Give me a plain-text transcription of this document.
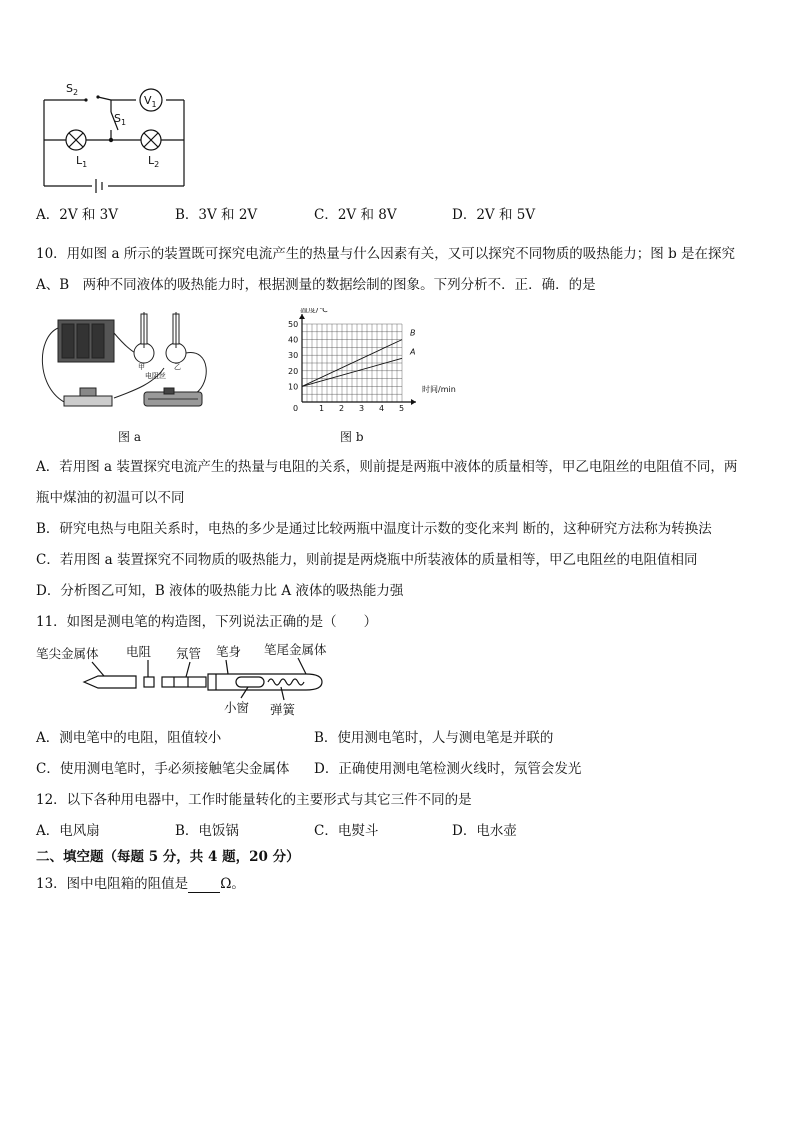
$S_2$
$S_1$
$V_1$
$L_1$	$L_2$
A．2V 和 3V	B．3V 和 2V	C．2V 和 8V	D．2V 和 5V
10．用如图 a 所示的装置既可探究电流产生的热量与什么因素有关，又可以探究不同物质的吸热能力；图 b 是在探究
A、B　两种不同液体的吸热能力时，根据测量的数据绘制的图象。下列分析不．正．确．的是
电阻丝
甲	乙
图 a
0	1 2 3 4 5
10
20
30
40
50
温度/℃
时间/min
B
A
图 b
A．若用图 a 装置探究电流产生的热量与电阻的关系，则前提是两瓶中液体的质量相等，甲乙电阻丝的电阻值不同，两
瓶中煤油的初温可以不同
B．研究电热与电阻关系时，电热的多少是通过比较两瓶中温度计示数的变化来判 断的，这种研究方法称为转换法
C．若用图 a 装置探究不同物质的吸热能力，则前提是两烧瓶中所装液体的质量相等，甲乙电阻丝的电阻值相同
D．分析图乙可知，B 液体的吸热能力比 A 液体的吸热能力强
11．如图是测电笔的构造图，下列说法正确的是（　　）
笔尖金属体 电阻 氖管 笔身 笔尾金属体
小窗 弹簧
A．测电笔中的电阻，阻值较小	B．使用测电笔时，人与测电笔是并联的
C．使用测电笔时，手必须接触笔尖金属体 D．正确使用测电笔检测火线时，氖管会发光
12．以下各种用电器中，工作时能量转化的主要形式与其它三件不同的是
A．电风扇	B．电饭锅	C．电熨斗	D．电水壶
二、填空题（每题 5 分，共 4 题，20 分）
13．图中电阻箱的阻值是 Ω。
